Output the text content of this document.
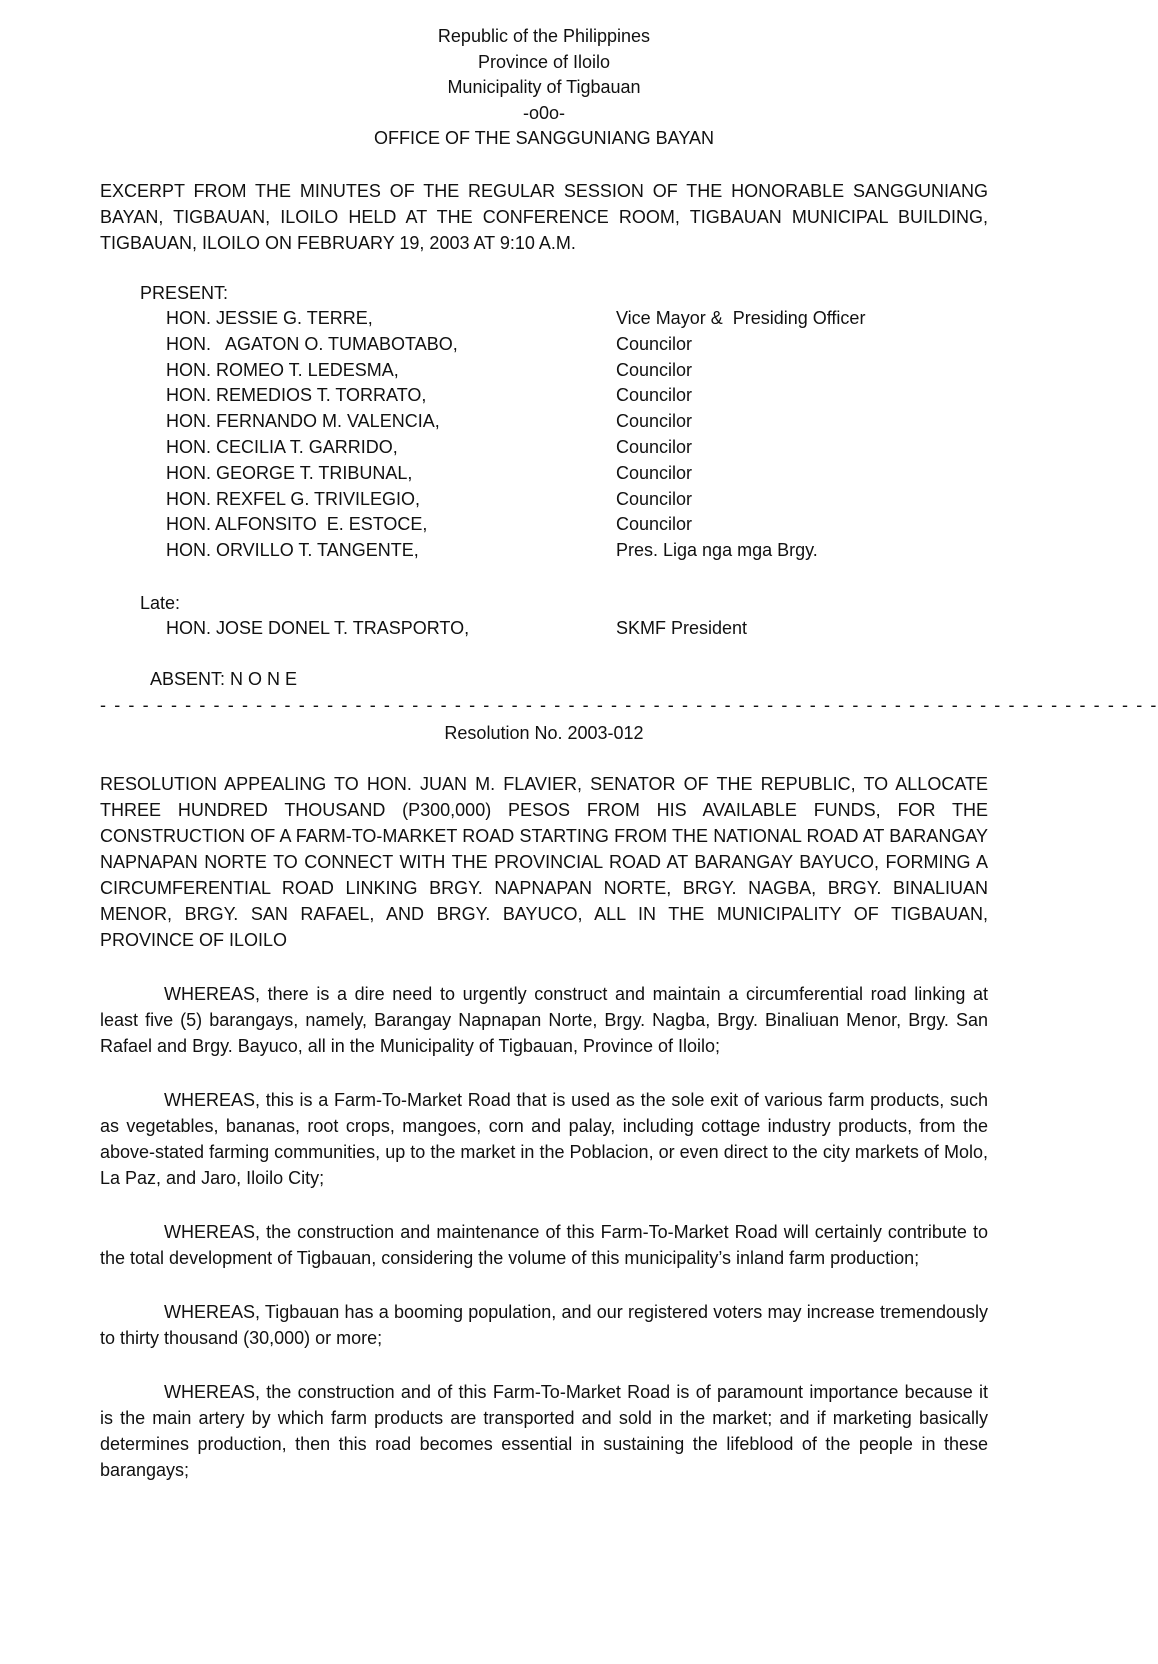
Republic of the Philippines
Province of Iloilo
Municipality of Tigbauan
-o0o-
OFFICE OF THE SANGGUNIANG BAYAN
EXCERPT FROM THE MINUTES OF THE REGULAR SESSION OF THE HONORABLE SANGGUNIANG BAYAN, TIGBAUAN, ILOILO HELD AT THE CONFERENCE ROOM, TIGBAUAN MUNICIPAL BUILDING, TIGBAUAN, ILOILO ON FEBRUARY 19, 2003 AT 9:10 A.M.
PRESENT:
HON. JESSIE G. TERRE,	Vice Mayor &  Presiding Officer
HON.   AGATON O. TUMABOTABO,	Councilor
HON. ROMEO T. LEDESMA,	Councilor
HON. REMEDIOS T. TORRATO,	Councilor
HON. FERNANDO M. VALENCIA,	Councilor
HON. CECILIA T. GARRIDO,	Councilor
HON. GEORGE T. TRIBUNAL,	Councilor
HON. REXFEL G. TRIVILEGIO,	Councilor
HON. ALFONSITO  E. ESTOCE,	Councilor
HON. ORVILLO T. TANGENTE,	Pres. Liga nga mga Brgy.
Late:
HON. JOSE DONEL T. TRASPORTO,	SKMF President
ABSENT: N O N E
- - - - - - - - - - - - - - - - - - - - - - - - - - - - - - - - - - - - - - - - - - - - - - - - - - - - - - - - - - - - - - - - - - - - - - - - - - -
Resolution No. 2003-012
RESOLUTION APPEALING TO HON. JUAN M. FLAVIER, SENATOR OF THE REPUBLIC, TO ALLOCATE THREE HUNDRED THOUSAND (P300,000) PESOS FROM HIS AVAILABLE FUNDS, FOR THE CONSTRUCTION OF A FARM-TO-MARKET ROAD STARTING FROM THE NATIONAL ROAD AT BARANGAY NAPNAPAN NORTE TO CONNECT WITH THE PROVINCIAL ROAD AT BARANGAY BAYUCO, FORMING A CIRCUMFERENTIAL ROAD LINKING BRGY. NAPNAPAN NORTE, BRGY. NAGBA, BRGY. BINALIUAN MENOR, BRGY. SAN RAFAEL, AND BRGY. BAYUCO, ALL IN THE MUNICIPALITY OF TIGBAUAN, PROVINCE OF ILOILO

WHEREAS, there is a dire need to urgently construct and maintain a circumferential road linking at least five (5) barangays, namely, Barangay Napnapan Norte, Brgy. Nagba, Brgy. Binaliuan Menor, Brgy. San Rafael and Brgy. Bayuco, all in the Municipality of Tigbauan, Province of Iloilo;

WHEREAS, this is a Farm-To-Market Road that is used as the sole exit of various farm products, such as vegetables, bananas, root crops, mangoes, corn and palay, including cottage industry products, from the above-stated farming communities, up to the market in the Poblacion, or even direct to the city markets of Molo, La Paz, and Jaro, Iloilo City;

WHEREAS, the construction and maintenance of this Farm-To-Market Road will certainly contribute to the total development of Tigbauan, considering the volume of this municipality’s inland farm production;

WHEREAS, Tigbauan has a booming population, and our registered voters may increase tremendously to thirty thousand (30,000) or more;

WHEREAS, the construction and of this Farm-To-Market Road is of paramount importance because it is the main artery by which farm products are transported and sold in the market; and if marketing basically determines production, then this road becomes essential in sustaining the lifeblood of the people in these barangays;
